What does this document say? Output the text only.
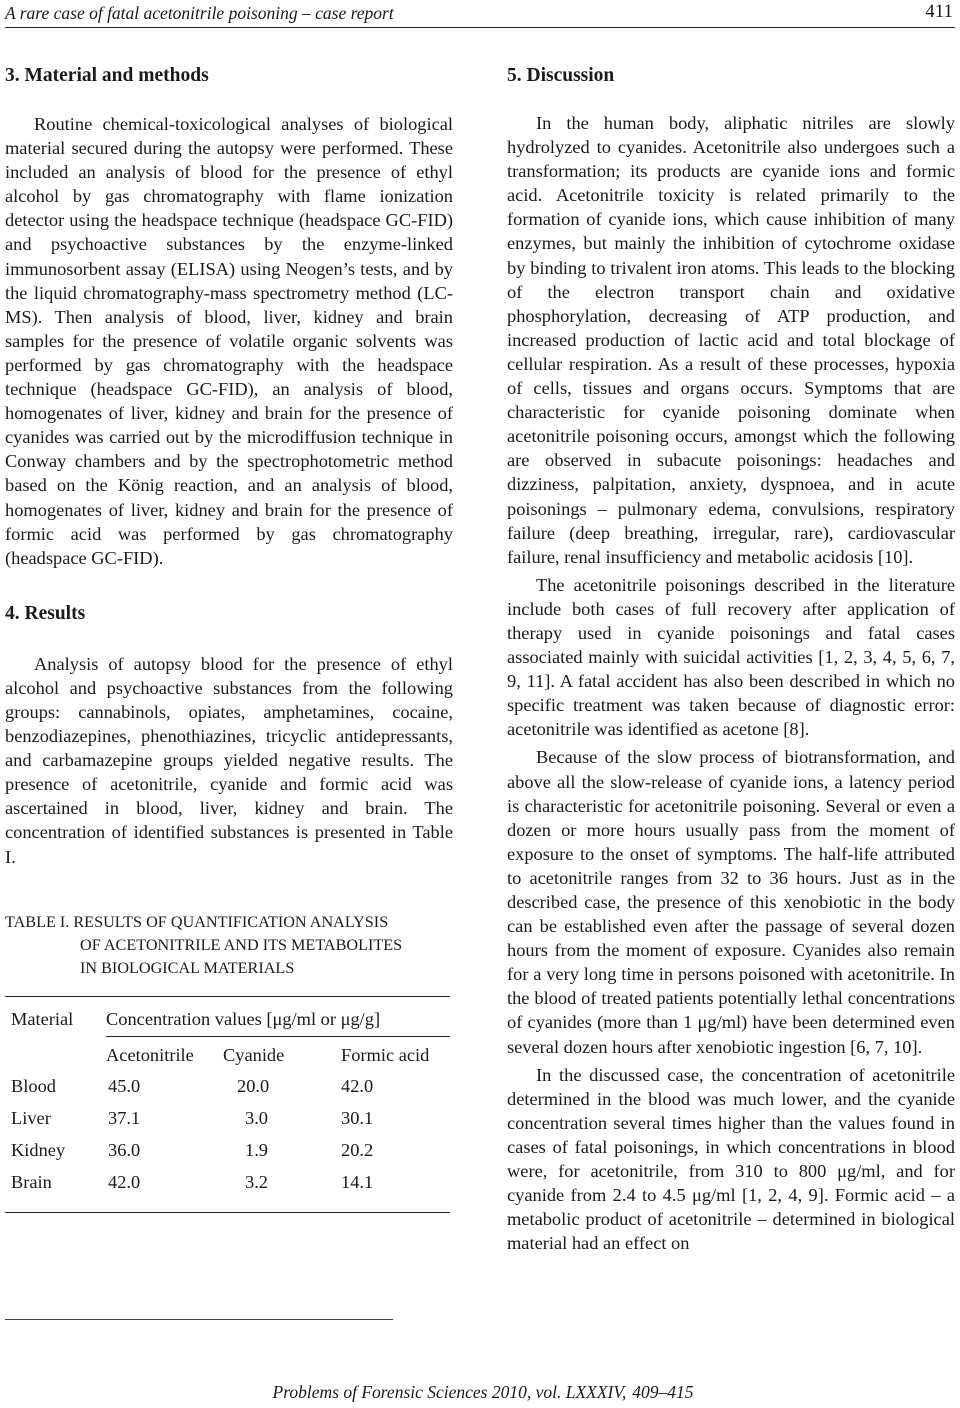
A rare case of fatal acetonitrile poisoning – case report	411
3. Material and methods

Routine chemical-toxicological analyses of biological material secured during the autopsy were performed. These included an analysis of blood for the presence of ethyl alcohol by gas chromatography with flame ionization detector using the headspace technique (headspace GC-FID) and psychoactive substances by the enzyme-linked immunosorbent assay (ELISA) using Neogen’s tests, and by the liquid chromatography-mass spectrometry method (LC-MS). Then analysis of blood, liver, kidney and brain samples for the presence of volatile organic solvents was performed by gas chromatography with the headspace technique (headspace GC-FID), an analysis of blood, homogenates of liver, kidney and brain for the presence of cyanides was carried out by the microdiffusion technique in Conway chambers and by the spectrophotometric method based on the König reaction, and an analysis of blood, homogenates of liver, kidney and brain for the presence of formic acid was performed by gas chromatography (headspace GC-FID).

4. Results

Analysis of autopsy blood for the presence of ethyl alcohol and psychoactive substances from the following groups: cannabinols, opiates, amphetamines, cocaine, benzodiazepines, phenothiazines, tricyclic antidepressants, and carbamazepine groups yielded negative results. The presence of acetonitrile, cyanide and formic acid was ascertained in blood, liver, kidney and brain. The concentration of identified substances is presented in Table I.

TABLE I. RESULTS OF QUANTIFICATION ANALYSIS
OF ACETONITRILE AND ITS METABOLITES
IN BIOLOGICAL MATERIALS
Material	Concentration values [μg/ml or μg/g]		
	Acetonitrile	Cyanide	Formic acid
Blood	45.0	20.0	42.0
Liver	37.1	3.0	30.1
Kidney	36.0	1.9	20.2
Brain	42.0	3.2	14.1
5. Discussion

In the human body, aliphatic nitriles are slowly hydrolyzed to cyanides. Acetonitrile also undergoes such a transformation; its products are cyanide ions and formic acid. Acetonitrile toxicity is related primarily to the formation of cyanide ions, which cause inhibition of many enzymes, but mainly the inhibition of cytochrome oxidase by binding to trivalent iron atoms. This leads to the blocking of the electron transport chain and oxidative phosphorylation, decreasing of ATP production, and increased production of lactic acid and total blockage of cellular respiration. As a result of these processes, hypoxia of cells, tissues and organs occurs. Symptoms that are characteristic for cyanide poisoning dominate when acetonitrile poisoning occurs, amongst which the following are observed in subacute poisonings: headaches and dizziness, palpitation, anxiety, dyspnoea, and in acute poisonings – pulmonary edema, convulsions, respiratory failure (deep breathing, irregular, rare), cardiovascular failure, renal insufficiency and metabolic acidosis [10].

The acetonitrile poisonings described in the literature include both cases of full recovery after application of therapy used in cyanide poisonings and fatal cases associated mainly with suicidal activities [1, 2, 3, 4, 5, 6, 7, 9, 11]. A fatal accident has also been described in which no specific treatment was taken because of diagnostic error: acetonitrile was identified as acetone [8].

Because of the slow process of biotransformation, and above all the slow-release of cyanide ions, a latency period is characteristic for acetonitrile poisoning. Several or even a dozen or more hours usually pass from the moment of exposure to the onset of symptoms. The half-life attributed to acetonitrile ranges from 32 to 36 hours. Just as in the described case, the presence of this xenobiotic in the body can be established even after the passage of several dozen hours from the moment of exposure. Cyanides also remain for a very long time in persons poisoned with acetonitrile. In the blood of treated patients potentially lethal concentrations of cyanides (more than 1 μg/ml) have been determined even several dozen hours after xenobiotic ingestion [6, 7, 10].

In the discussed case, the concentration of acetonitrile determined in the blood was much lower, and the cyanide concentration several times higher than the values found in cases of fatal poisonings, in which concentrations in blood were, for acetonitrile, from 310 to 800 μg/ml, and for cyanide from 2.4 to 4.5 μg/ml [1, 2, 4, 9]. Formic acid – a metabolic product of acetonitrile – determined in biological material had an effect on

Problems of Forensic Sciences 2010, vol. LXXXIV, 409–415
